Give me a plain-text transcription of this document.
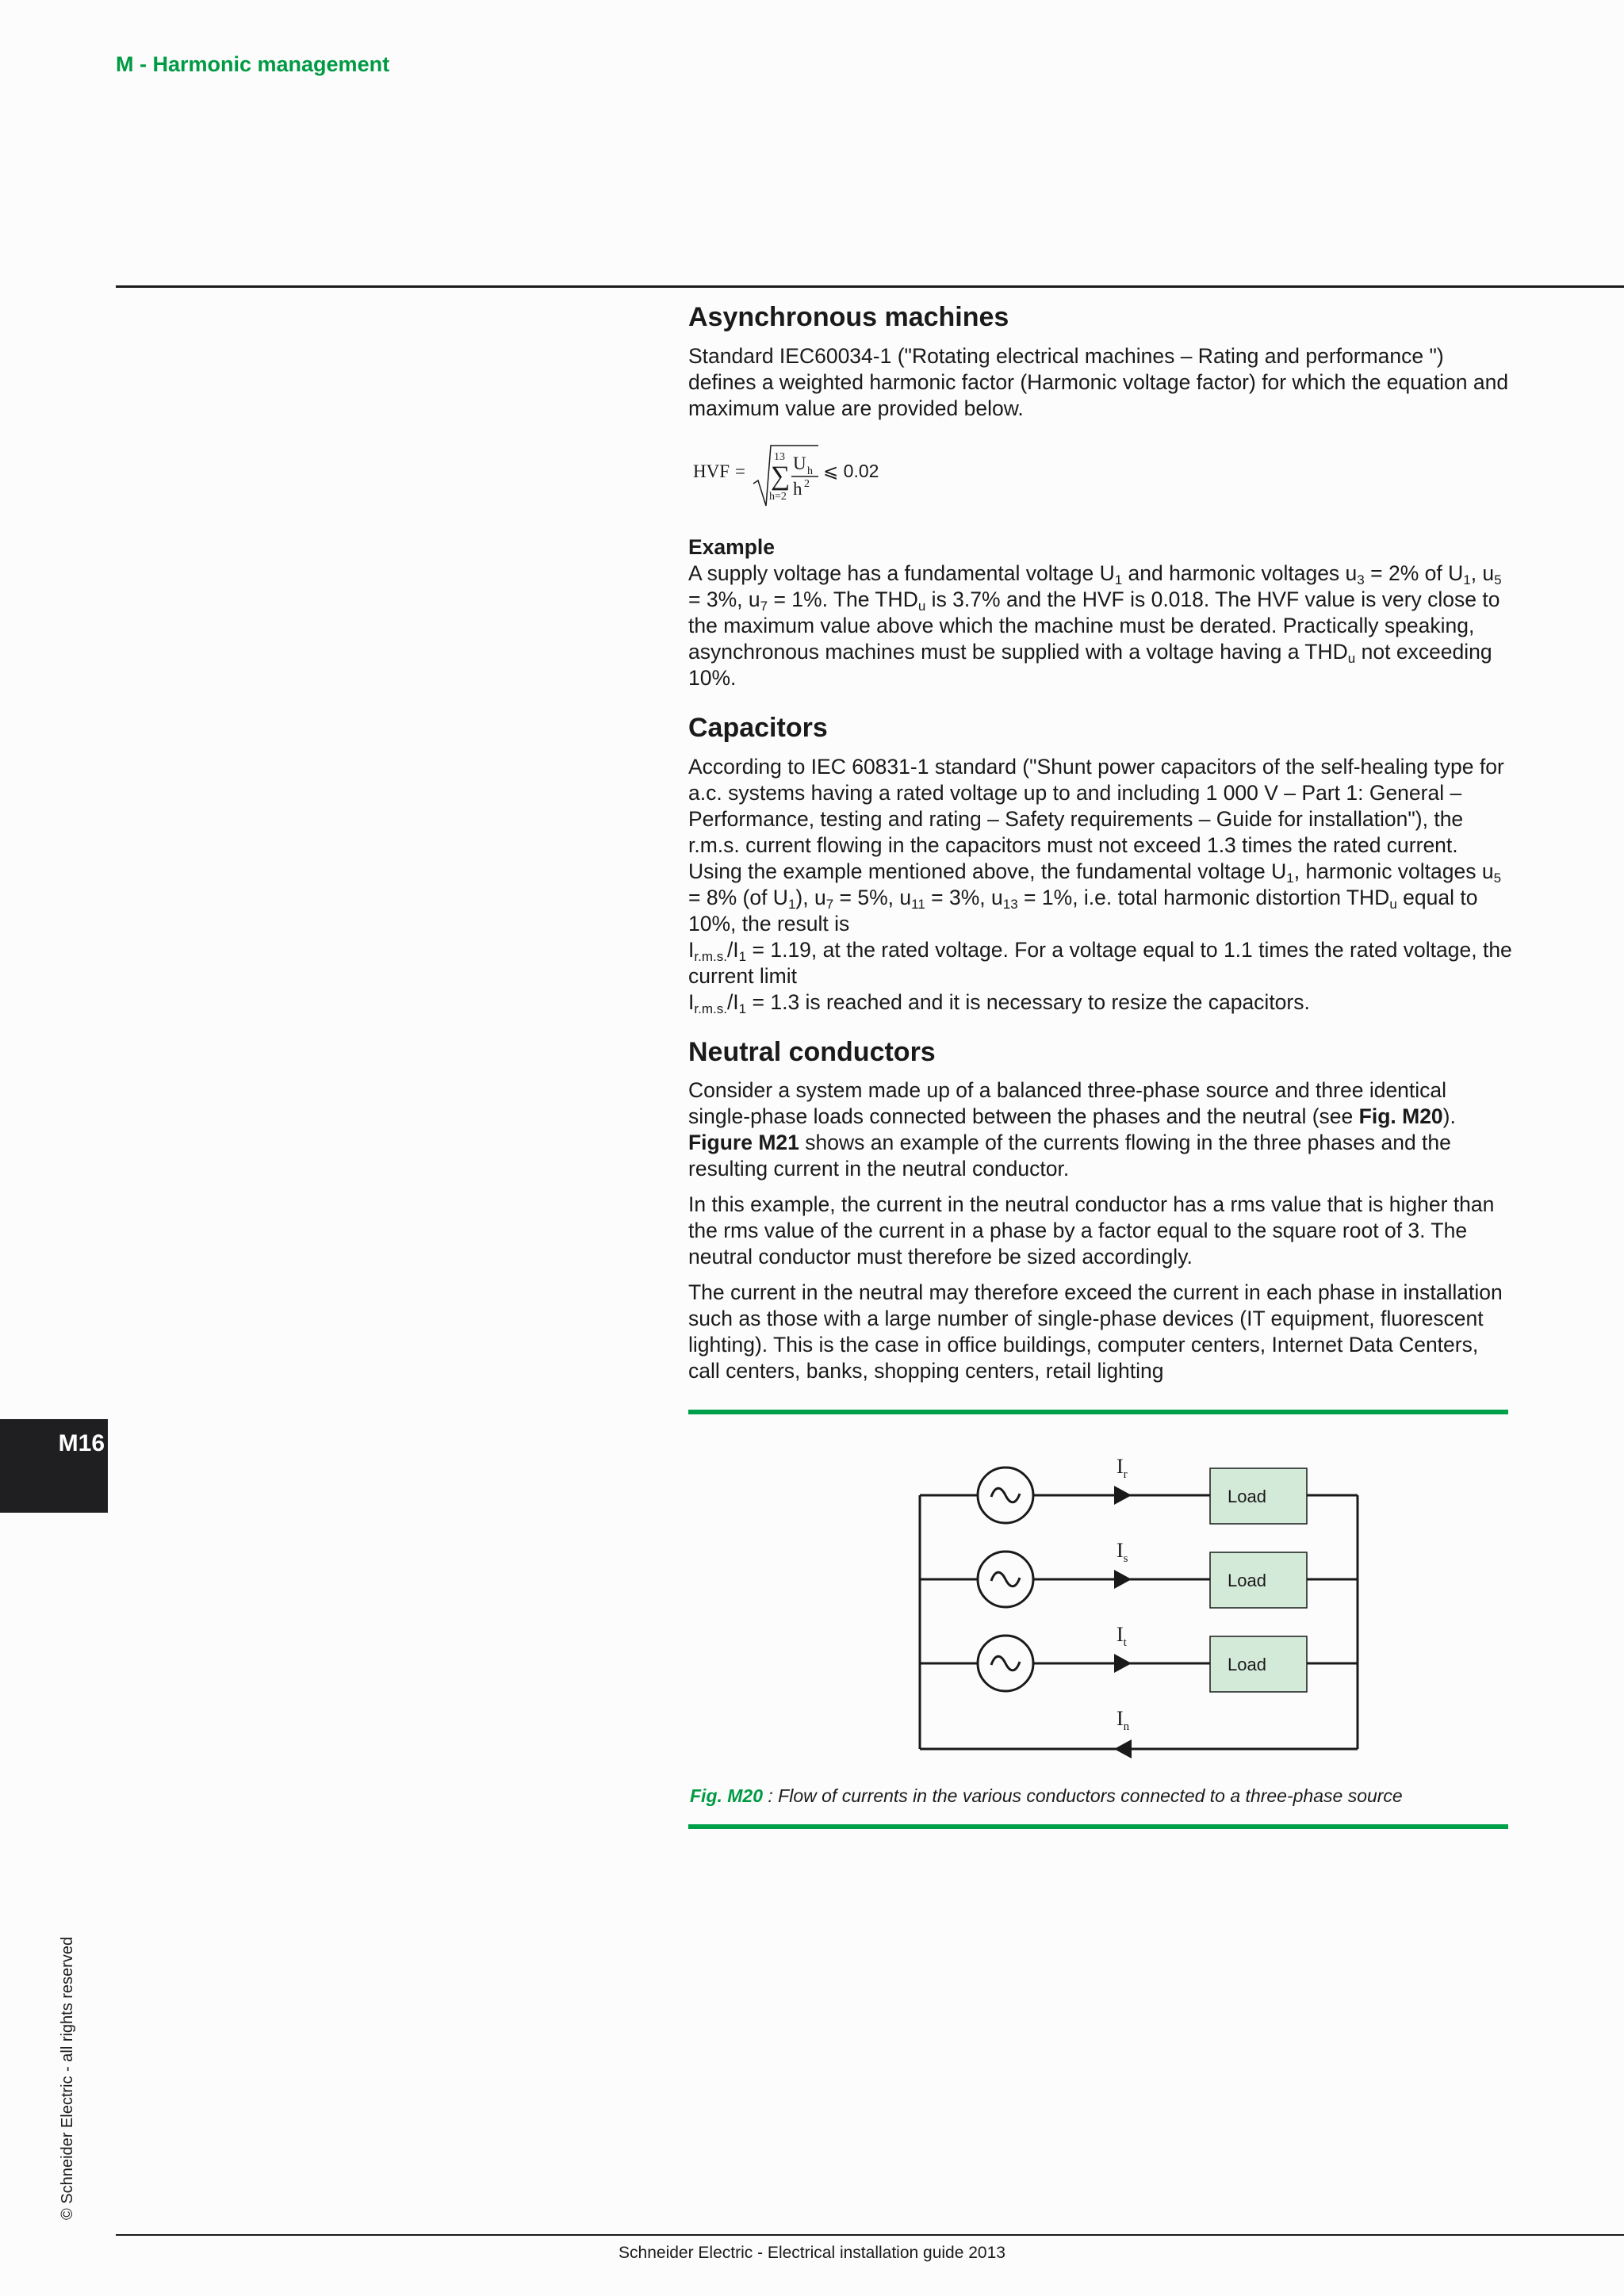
M - Harmonic management
M16
© Schneider Electric - all rights reserved
Asynchronous machines

Standard IEC60034-1 ("Rotating electrical machines – Rating and performance ") defines a weighted harmonic factor (Harmonic voltage factor) for which the equation and maximum value are provided below.

HVF =
13
∑
h=2
U h
h 2
⩽ 0.02
Example

A supply voltage has a fundamental voltage $U_1$ and harmonic voltages $u_3 = 2\%$ of $U_1$, $u_5 = 3\%$, $u_7 = 1\%$. The $THD_u$ is 3.7% and the HVF is 0.018. The HVF value is very close to the maximum value above which the machine must be derated. Practically speaking, asynchronous machines must be supplied with a voltage having a $THD_u$ not exceeding 10%.

Capacitors

According to IEC 60831-1 standard ("Shunt power capacitors of the self-healing type for a.c. systems having a rated voltage up to and including 1 000 V – Part 1: General – Performance, testing and rating – Safety requirements – Guide for installation"), the r.m.s. current flowing in the capacitors must not exceed 1.3 times the rated current. Using the example mentioned above, the fundamental voltage $U_1$, harmonic voltages $u_5 = 8\%$ (of $U_1$), $u_7 = 5\%$, $u_{11} = 3\%$, $u_{13} = 1\%$, i.e. total harmonic distortion $THD_u$ equal to 10%, the result is
$I_{r.m.s.}/I_1 = 1.19$, at the rated voltage. For a voltage equal to 1.1 times the rated voltage, the current limit
$I_{r.m.s.}/I_1 = 1.3$ is reached and it is necessary to resize the capacitors.

Neutral conductors

Consider a system made up of a balanced three-phase source and three identical single-phase loads connected between the phases and the neutral (see Fig. M20).
Figure M21 shows an example of the currents flowing in the three phases and the resulting current in the neutral conductor.

In this example, the current in the neutral conductor has a rms value that is higher than the rms value of the current in a phase by a factor equal to the square root of 3. The neutral conductor must therefore be sized accordingly.

The current in the neutral may therefore exceed the current in each phase in installation such as those with a large number of single-phase devices (IT equipment, fluorescent lighting). This is the case in office buildings, computer centers, Internet Data Centers, call centers, banks, shopping centers, retail lighting

$I_r$
$I_s$
$I_t$
$I_n$
Load
Load
Load
Fig. M20 : Flow of currents in the various conductors connected to a three-phase source
Schneider Electric - Electrical installation guide 2013
